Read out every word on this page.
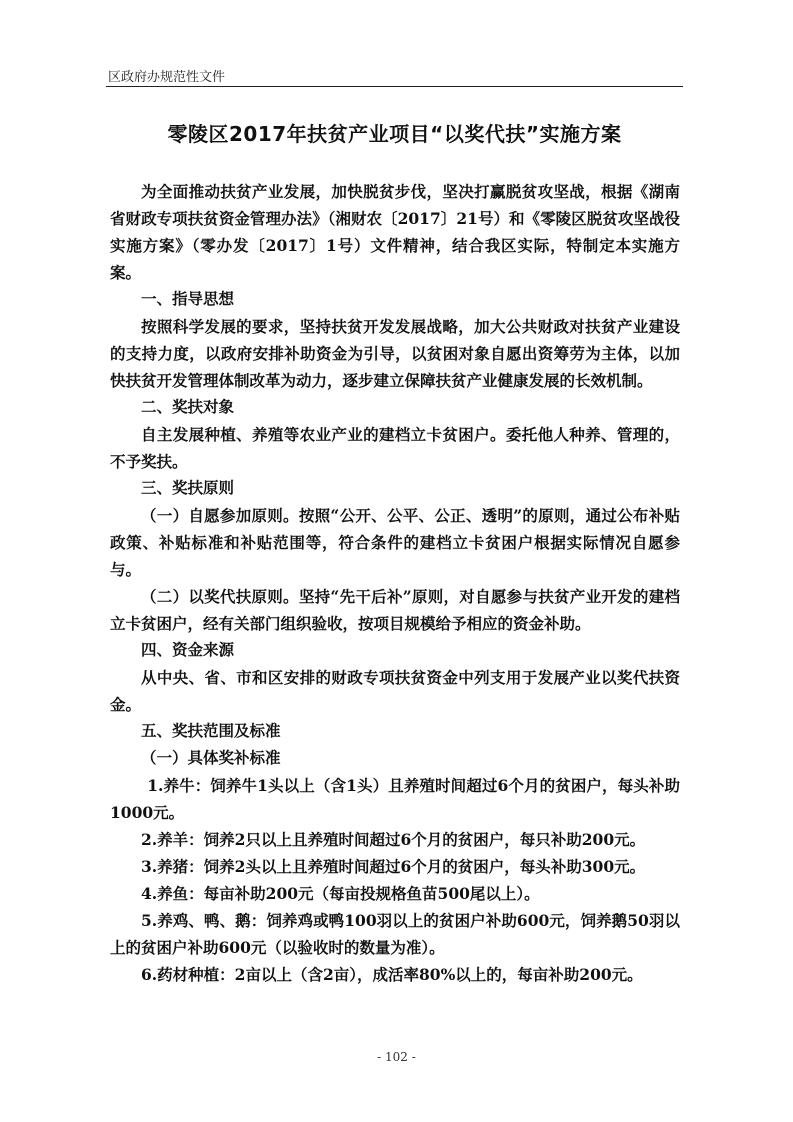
区政府办规范性文件
零陵区2017年扶贫产业项目“以奖代扶”实施方案

为全面推动扶贫产业发展，加快脱贫步伐，坚决打赢脱贫攻坚战，根据《湖南省财政专项扶贫资金管理办法》（湘财农〔2017〕21号）和《零陵区脱贫攻坚战役实施方案》（零办发〔2017〕1号）文件精神，结合我区实际，特制定本实施方案。

一、指导思想

按照科学发展的要求，坚持扶贫开发发展战略，加大公共财政对扶贫产业建设的支持力度，以政府安排补助资金为引导，以贫困对象自愿出资筹劳为主体，以加快扶贫开发管理体制改革为动力，逐步建立保障扶贫产业健康发展的长效机制。

二、奖扶对象

自主发展种植、养殖等农业产业的建档立卡贫困户。委托他人种养、管理的，不予奖扶。

三、奖扶原则

（一）自愿参加原则。按照“公开、公平、公正、透明”的原则，通过公布补贴政策、补贴标准和补贴范围等，符合条件的建档立卡贫困户根据实际情况自愿参与。

（二）以奖代扶原则。坚持“先干后补”原则，对自愿参与扶贫产业开发的建档立卡贫困户，经有关部门组织验收，按项目规模给予相应的资金补助。

四、资金来源

从中央、省、市和区安排的财政专项扶贫资金中列支用于发展产业以奖代扶资金。

五、奖扶范围及标准
（一）具体奖补标准

1.养牛：饲养牛1头以上（含1头）且养殖时间超过6个月的贫困户，每头补助1000元。

2.养羊：饲养2只以上且养殖时间超过6个月的贫困户，每只补助200元。

3.养猪：饲养2头以上且养殖时间超过6个月的贫困户，每头补助300元。

4.养鱼：每亩补助200元（每亩投规格鱼苗500尾以上）。

5.养鸡、鸭、鹅：饲养鸡或鸭100羽以上的贫困户补助600元，饲养鹅50羽以上的贫困户补助600元（以验收时的数量为准）。

6.药材种植：2亩以上（含2亩），成活率80%以上的，每亩补助200元。

- 102 -
